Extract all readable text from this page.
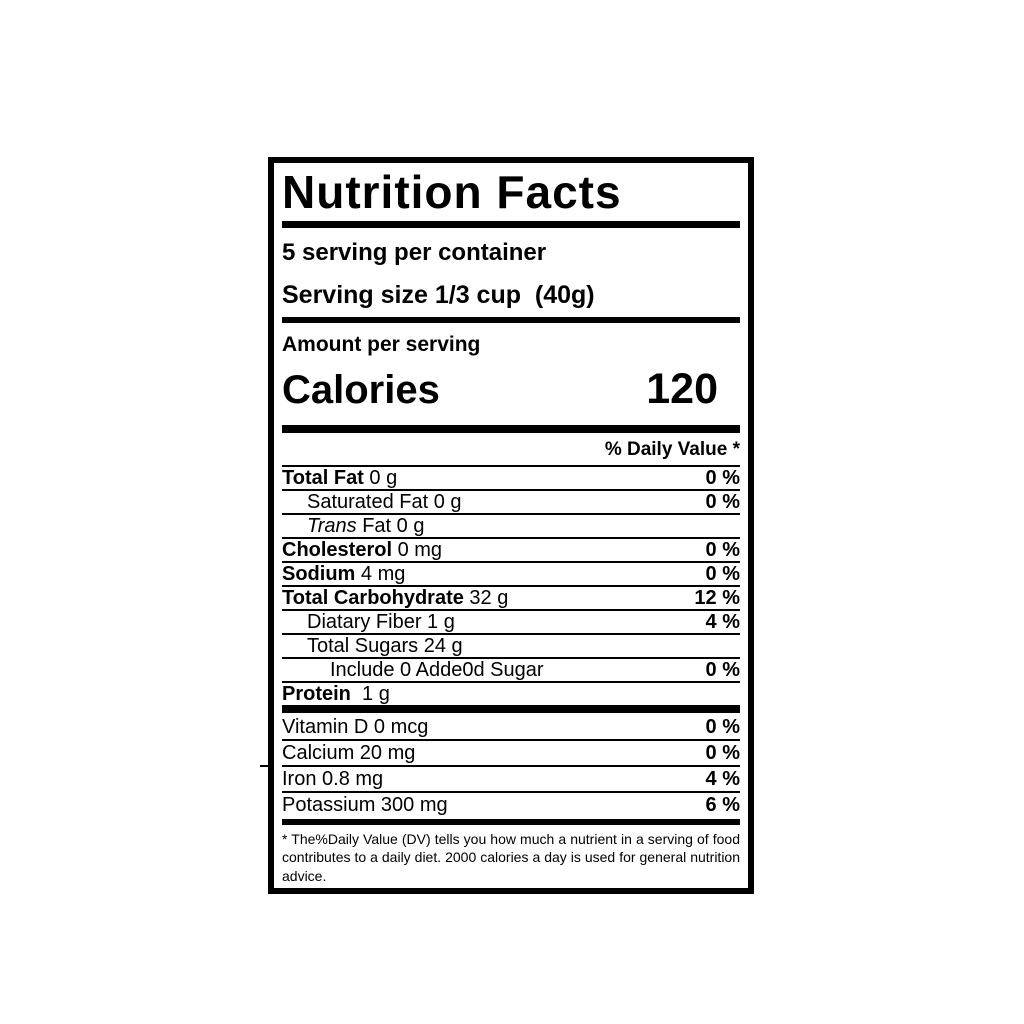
Nutrition Facts
5 serving per container
Serving size 1/3 cup  (40g)
Amount per serving
Calories	120
% Daily Value *
Total Fat 0 g	0 %
Saturated Fat 0 g	0 %
Trans Fat 0 g
Cholesterol 0 mg	0 %
Sodium 4 mg	0 %
Total Carbohydrate 32 g	12 %
Diatary Fiber 1 g	4 %
Total Sugars 24 g
Include 0 Adde0d Sugar	0 %
Protein  1 g
Vitamin D 0 mcg	0 %
Calcium 20 mg	0 %
Iron 0.8 mg	4 %
Potassium 300 mg	6 %
* The%Daily Value (DV) tells you how much a nutrient in a serving of food contributes to a daily diet. 2000 calories a day is used for general nutrition advice.
